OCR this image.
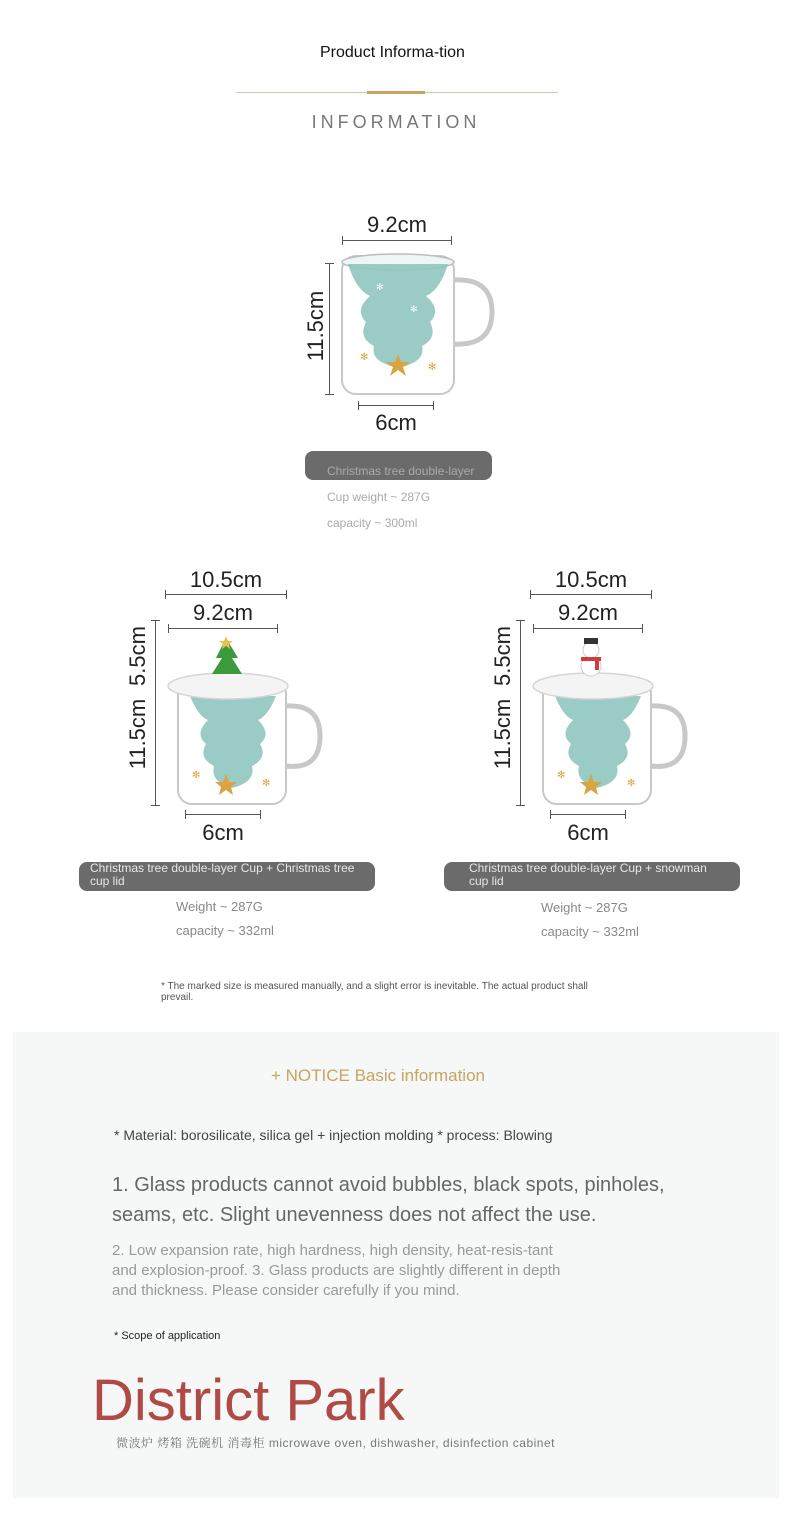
Product Informa-tion
INFORMATION
9.2cm
11.5cm	✻
✻
✻
✻
6cm
Christmas tree double-layer Cup weight ~ 287G capacity ~ 300ml
10.5cm
9.2cm
5.5cm
11.5cm
✻
✻
6cm
Christmas tree double-layer Cup + Christmas tree cup lid
Weight ~ 287G
capacity ~ 332ml
10.5cm
9.2cm
5.5cm
11.5cm
✻
✻
6cm
Christmas tree double-layer Cup + snowman cup lid
Weight ~ 287G
capacity ~ 332ml
* The marked size is measured manually, and a slight error is inevitable. The actual product shall prevail.
+ NOTICE Basic information
* Material: borosilicate, silica gel + injection molding * process: Blowing
1. Glass products cannot avoid bubbles, black spots, pinholes, seams, etc. Slight unevenness does not affect the use.
2. Low expansion rate, high hardness, high density, heat-resis-tant and explosion-proof. 3. Glass products are slightly different in depth and thickness. Please consider carefully if you mind.
* Scope of application
District Park
微波炉 烤箱 洗碗机 消毒柜 microwave oven, dishwasher, disinfection cabinet
